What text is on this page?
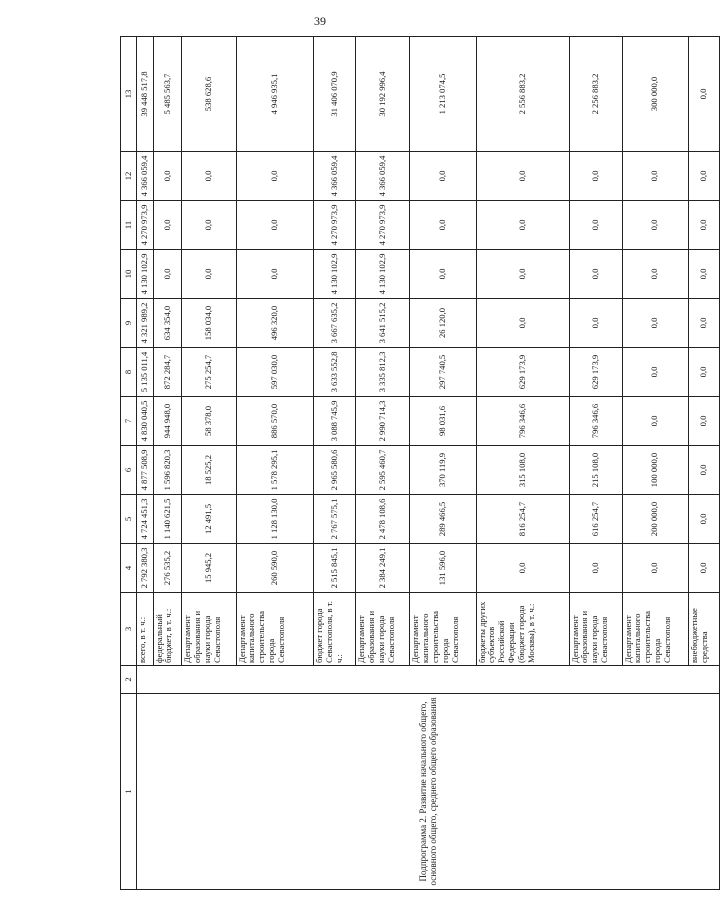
39
1	2	3	4	5	6	7	8	9	10	11	12	13
Подпрограмма 2. Развитие начального общего, основного общего, среднего общего образования		всего, в т. ч.:	2 792 380,3	4 724 451,3	4 877 508,9	4 830 040,5	5 135 011,4	4 321 989,2	4 130 102,9	4 270 973,9	4 366 059,4	39 448 517,8
		федеральный бюджет, в т. ч.:	276 535,2	1 140 621,5	1 596 820,3	944 948,0	872 284,7	634 354,0	0,0	0,0	0,0	5 485 563,7
		Департамент образования и науки города Севастополя	15 945,2	12 491,5	18 525,2	58 378,0	275 254,7	158 034,0	0,0	0,0	0,0	538 628,6
		Департамент капитального строительства города Севастополя	260 590,0	1 128 130,0	1 578 295,1	886 570,0	597 030,0	496 320,0	0,0	0,0	0,0	4 946 935,1
		бюджет города Севастополя, в т. ч.:	2 515 845,1	2 767 575,1	2 965 580,6	3 088 745,9	3 633 552,8	3 667 635,2	4 130 102,9	4 270 973,9	4 366 059,4	31 406 070,9
		Департамент образования и науки города Севастополя	2 384 249,1	2 478 108,6	2 595 460,7	2 990 714,3	3 335 812,3	3 641 515,2	4 130 102,9	4 270 973,9	4 366 059,4	30 192 996,4
		Департамент капитального строительства города Севастополя	131 596,0	289 466,5	370 119,9	98 031,6	297 740,5	26 120,0	0,0	0,0	0,0	1 213 074,5
		бюджеты других субъектов Российской Федерации (бюджет города Москвы), в т. ч.:	0,0	816 254,7	315 108,0	796 346,6	629 173,9	0,0	0,0	0,0	0,0	2 556 883,2
		Департамент образования и науки города Севастополя	0,0	616 254,7	215 108,0	796 346,6	629 173,9	0,0	0,0	0,0	0,0	2 256 883,2
		Департамент капитального строительства города Севастополя	0,0	200 000,0	100 000,0	0,0	0,0	0,0	0,0	0,0	0,0	300 000,0
		внебюджетные средства	0,0	0,0	0,0	0,0	0,0	0,0	0,0	0,0	0,0	0,0
